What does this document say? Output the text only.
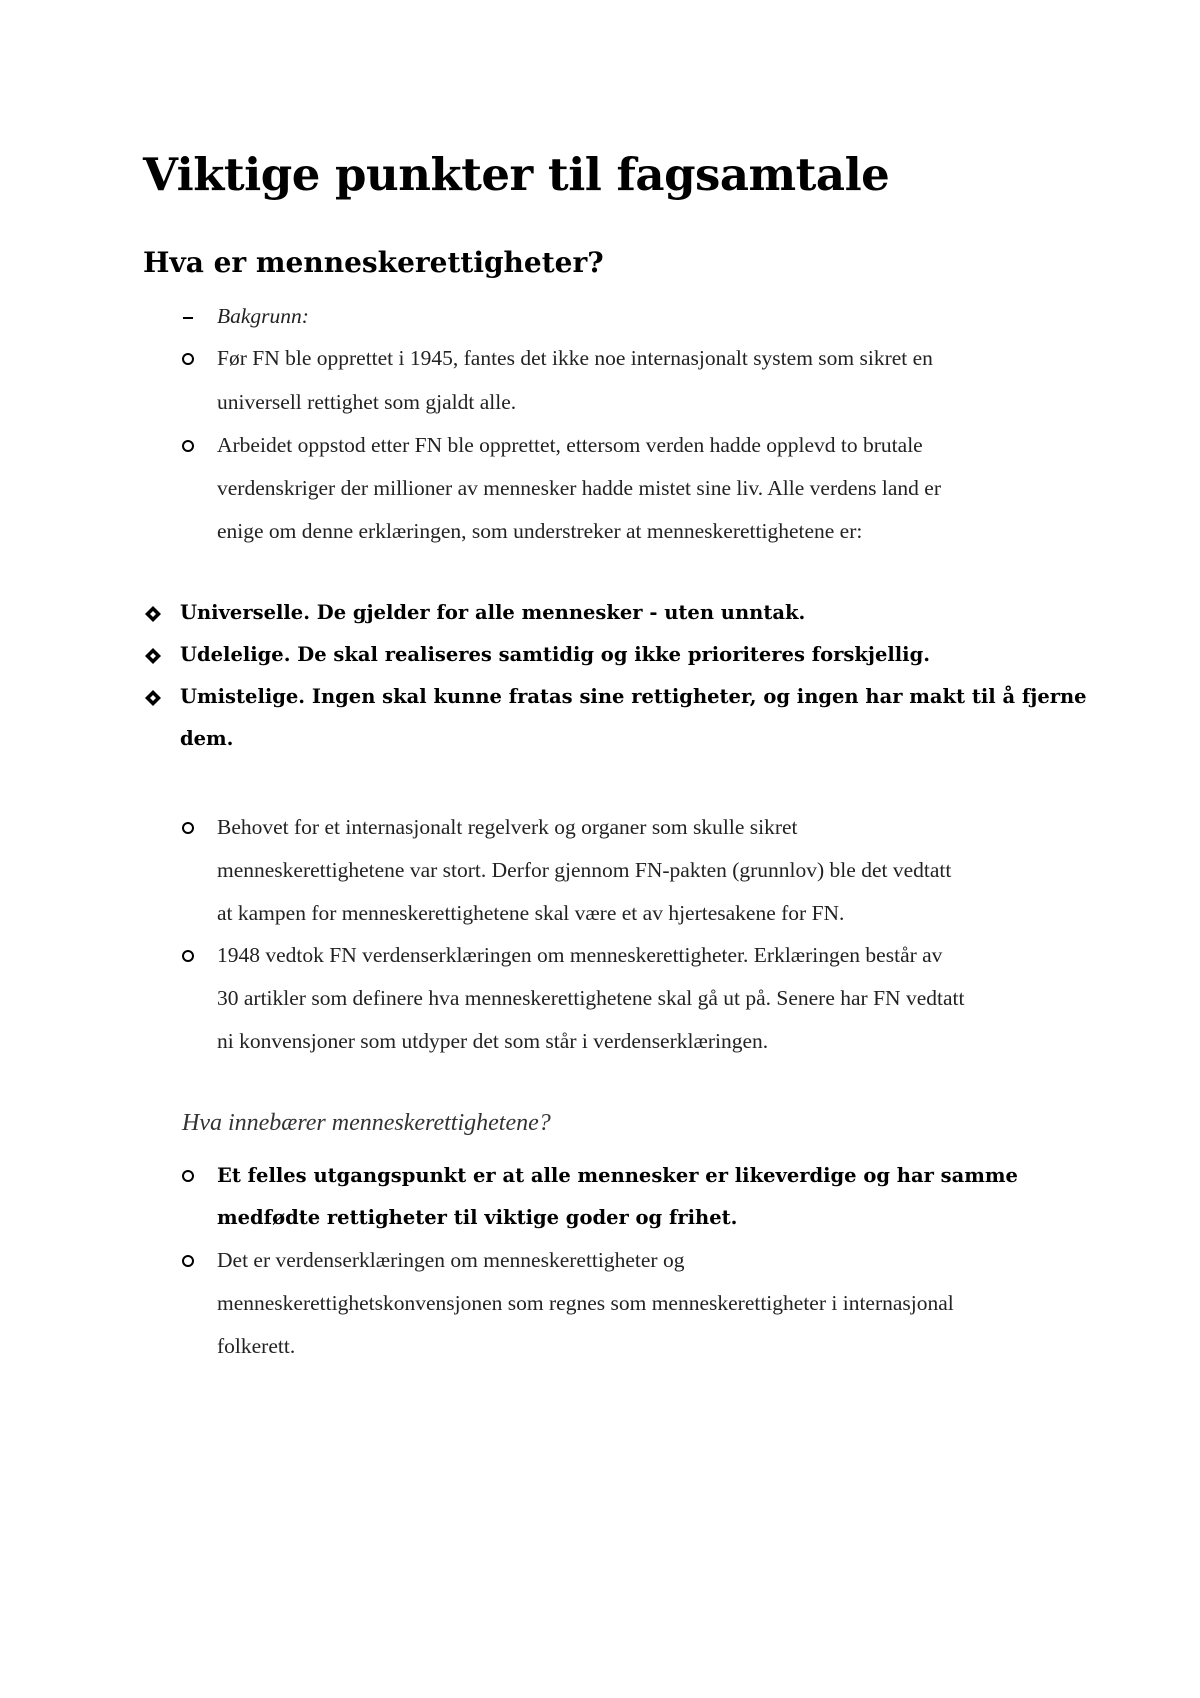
Viktige punkter til fagsamtale
Hva er menneskerettigheter?
Bakgrunn:
Før FN ble opprettet i 1945, fantes det ikke noe internasjonalt system som sikret en
universell rettighet som gjaldt alle.
Arbeidet oppstod etter FN ble opprettet, ettersom verden hadde opplevd to brutale
verdenskriger der millioner av mennesker hadde mistet sine liv. Alle verdens land er
enige om denne erklæringen, som understreker at menneskerettighetene er:
Universelle. De gjelder for alle mennesker - uten unntak.
Udelelige. De skal realiseres samtidig og ikke prioriteres forskjellig.
Umistelige. Ingen skal kunne fratas sine rettigheter, og ingen har makt til å fjerne
dem.
Behovet for et internasjonalt regelverk og organer som skulle sikret
menneskerettighetene var stort. Derfor gjennom FN-pakten (grunnlov) ble det vedtatt
at kampen for menneskerettighetene skal være et av hjertesakene for FN.
1948 vedtok FN verdenserklæringen om menneskerettigheter. Erklæringen består av
30 artikler som definere hva menneskerettighetene skal gå ut på. Senere har FN vedtatt
ni konvensjoner som utdyper det som står i verdenserklæringen.
Hva innebærer menneskerettighetene?
Et felles utgangspunkt er at alle mennesker er likeverdige og har samme
medfødte rettigheter til viktige goder og frihet.
Det er verdenserklæringen om menneskerettigheter og
menneskerettighetskonvensjonen som regnes som menneskerettigheter i internasjonal
folkerett.
